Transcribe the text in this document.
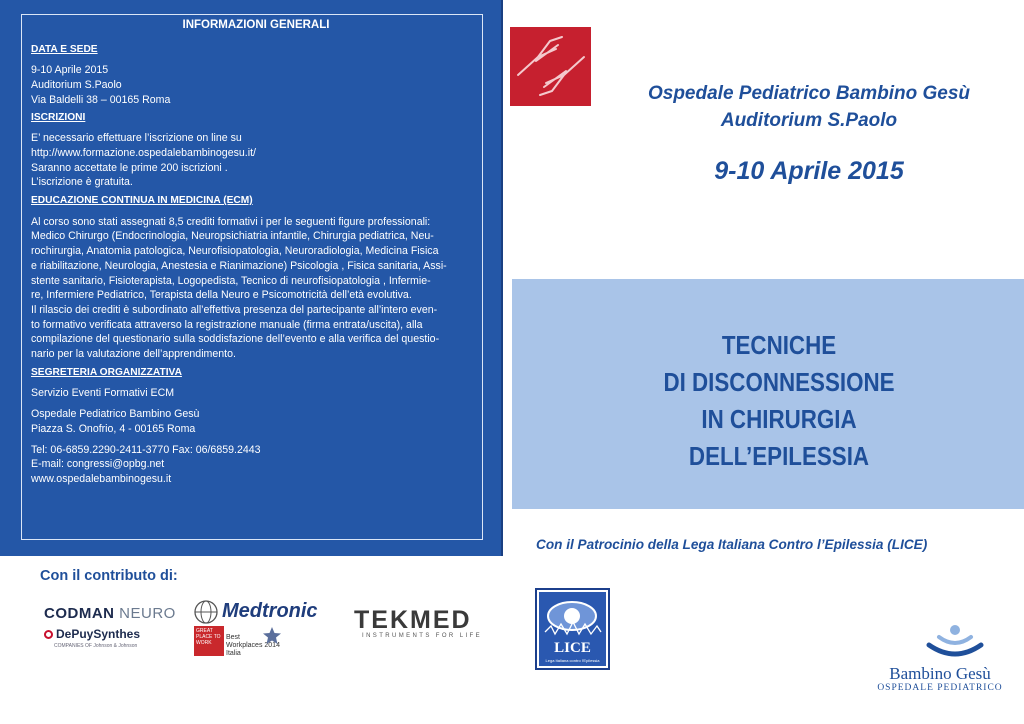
INFORMAZIONI GENERALI
DATA E SEDE

9-10 Aprile 2015
Auditorium S.Paolo
Via Baldelli 38 – 00165 Roma

ISCRIZIONI

E’ necessario effettuare l’iscrizione on line su
http://www.formazione.ospedalebambinogesu.it/
Saranno accettate le prime 200 iscrizioni .
L’iscrizione è gratuita.

EDUCAZIONE CONTINUA IN MEDICINA (ECM)

Al corso sono stati assegnati 8,5 crediti formativi i per le seguenti figure professionali:
Medico Chirurgo (Endocrinologia, Neuropsichiatria infantile, Chirurgia pediatrica, Neu-
rochirurgia, Anatomia patologica, Neurofisiopatologia, Neuroradiologia, Medicina Fisica
e riabilitazione, Neurologia, Anestesia e Rianimazione) Psicologia , Fisica sanitaria, Assi-
stente sanitario, Fisioterapista, Logopedista, Tecnico di neurofisiopatologia , Infermie-
re, Infermiere Pediatrico, Terapista della Neuro e Psicomotricità dell’età evolutiva.
Il rilascio dei crediti è subordinato all’effettiva presenza del partecipante all’intero even-
to formativo verificata attraverso la registrazione manuale (firma entrata/uscita), alla
compilazione del questionario sulla soddisfazione dell’evento e alla verifica del questio-
nario per la valutazione dell’apprendimento.

SEGRETERIA ORGANIZZATIVA

Servizio Eventi Formativi ECM

Ospedale Pediatrico Bambino Gesù
Piazza S. Onofrio, 4 - 00165 Roma

Tel: 06-6859.2290-2411-3770 Fax: 06/6859.2443
E-mail: congressi@opbg.net
www.ospedalebambinogesu.it

Ospedale Pediatrico Bambino Gesù
Auditorium S.Paolo
9-10 Aprile 2015
TECNICHE
DI DISCONNESSIONE
IN CHIRURGIA
DELL’EPILESSIA
Con il Patrocinio della Lega Italiana Contro l’Epilessia (LICE)
Con il contributo di:
CODMAN NEURO
DePuySynthes
COMPANIES OF Johnson & Johnson
Medtronic
GREAT PLACE TO WORK
Best
Workplaces 2014
Italia
TEKMED
INSTRUMENTS FOR LIFE
LICE
Lega Italiana contro l'Epilessia
Bambino Gesù
OSPEDALE PEDIATRICO
